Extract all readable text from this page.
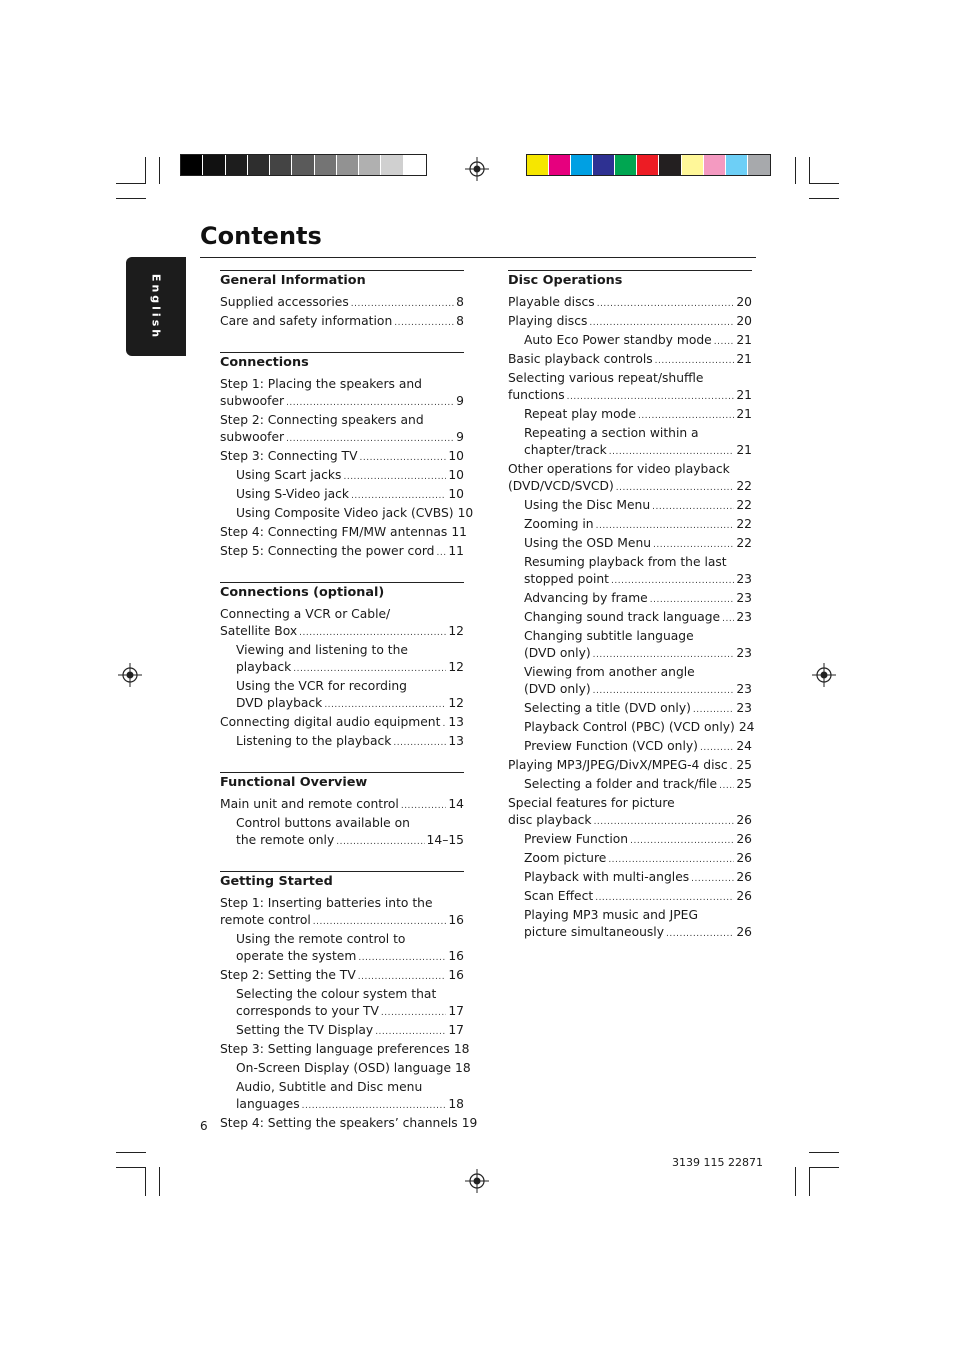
English
Contents
General Information
Supplied accessories .....	8
Care and safety information .....	8
Connections
Step 1: Placing the speakers and
subwoofer .....	9
Step 2: Connecting speakers and
subwoofer .....	9
Step 3: Connecting TV .....	10
Using Scart jacks .....	10
Using S-Video jack .....	10
Using Composite Video jack (CVBS) 10
Step 4: Connecting FM/MW antennas 11
Step 5: Connecting the power cord ..... 11
Connections (optional)
Connecting a VCR or Cable/
Satellite Box .....	12
Viewing and listening to the
playback .....	12
Using the VCR for recording
DVD playback .....	12
Connecting digital audio equipment ..... 13
Listening to the playback .....	13
Functional Overview
Main unit and remote control .....	14
Control buttons available on
the remote only .....	14–15
Getting Started
Step 1: Inserting batteries into the
remote control .....	16
Using the remote control to
operate the system .....	16
Step 2: Setting the TV .....	16
Selecting the colour system that
corresponds to your TV .....	17
Setting the TV Display .....	17
Step 3: Setting language preferences 18
On-Screen Display (OSD) language 18
Audio, Subtitle and Disc menu
languages .....	18
Step 4: Setting the speakers’ channels 19
Disc Operations
Playable discs .....	20
Playing discs .....	20
Auto Eco Power standby mode ..... 21
Basic playback controls .....	21
Selecting various repeat/shuffle
functions .....	21
Repeat play mode .....	21
Repeating a section within a
chapter/track .....	21
Other operations for video playback
(DVD/VCD/SVCD) .....	22
Using the Disc Menu .....	22
Zooming in .....	22
Using the OSD Menu .....	22
Resuming playback from the last
stopped point .....	23
Advancing by frame .....	23
Changing sound track language ..... 23
Changing subtitle language
(DVD only) .....	23
Viewing from another angle
(DVD only) .....	23
Selecting a title (DVD only) .....	23
Playback Control (PBC) (VCD only) 24
Preview Function (VCD only) .....	24
Playing MP3/JPEG/DivX/MPEG-4 disc ..... 25
Selecting a folder and track/file ..... 25
Special features for picture
disc playback .....	26
Preview Function .....	26
Zoom picture .....	26
Playback with multi-angles .....	26
Scan Effect .....	26
Playing MP3 music and JPEG
picture simultaneously .....	26
6
3139 115 22871
